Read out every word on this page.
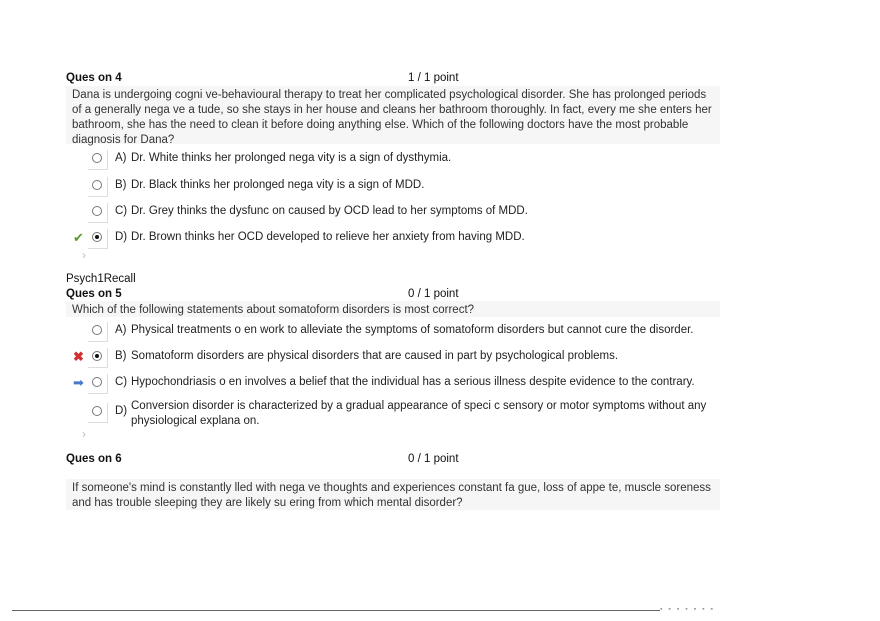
Ques on 4	1 / 1 point
Dana is undergoing cogni ve-behavioural therapy to treat her complicated psychological disorder. She has prolonged periods of a generally nega ve a tude, so she stays in her house and cleans her bathroom thoroughly. In fact, every me she enters her bathroom, she has the need to clean it before doing anything else. Which of the following doctors have the most probable diagnosis for Dana?
A) Dr. White thinks her prolonged nega vity is a sign of dysthymia.
B) Dr. Black thinks her prolonged nega vity is a sign of MDD.
C) Dr. Grey thinks the dysfunc on caused by OCD lead to her symptoms of MDD.
✔	D) Dr. Brown thinks her OCD developed to relieve her anxiety from having MDD.
›
Psych1Recall
Ques on 5	0 / 1 point
Which of the following statements about somatoform disorders is most correct?
A) Physical treatments o en work to alleviate the symptoms of somatoform disorders but cannot cure the disorder.
✖	B) Somatoform disorders are physical disorders that are caused in part by psychological problems.
➡	C) Hypochondriasis o en involves a belief that the individual has a serious illness despite evidence to the contrary.
D) Conversion disorder is characterized by a gradual appearance of speci c sensory or motor symptoms without any physiological explana on.
›
Ques on 6	0 / 1 point
If someone's mind is constantly lled with nega ve thoughts and experiences constant fa gue, loss of appe te, muscle soreness and has trouble sleeping they are likely su ering from which mental disorder?
▪ ▪ ▪ ▪ ▪ ▪ ▪
